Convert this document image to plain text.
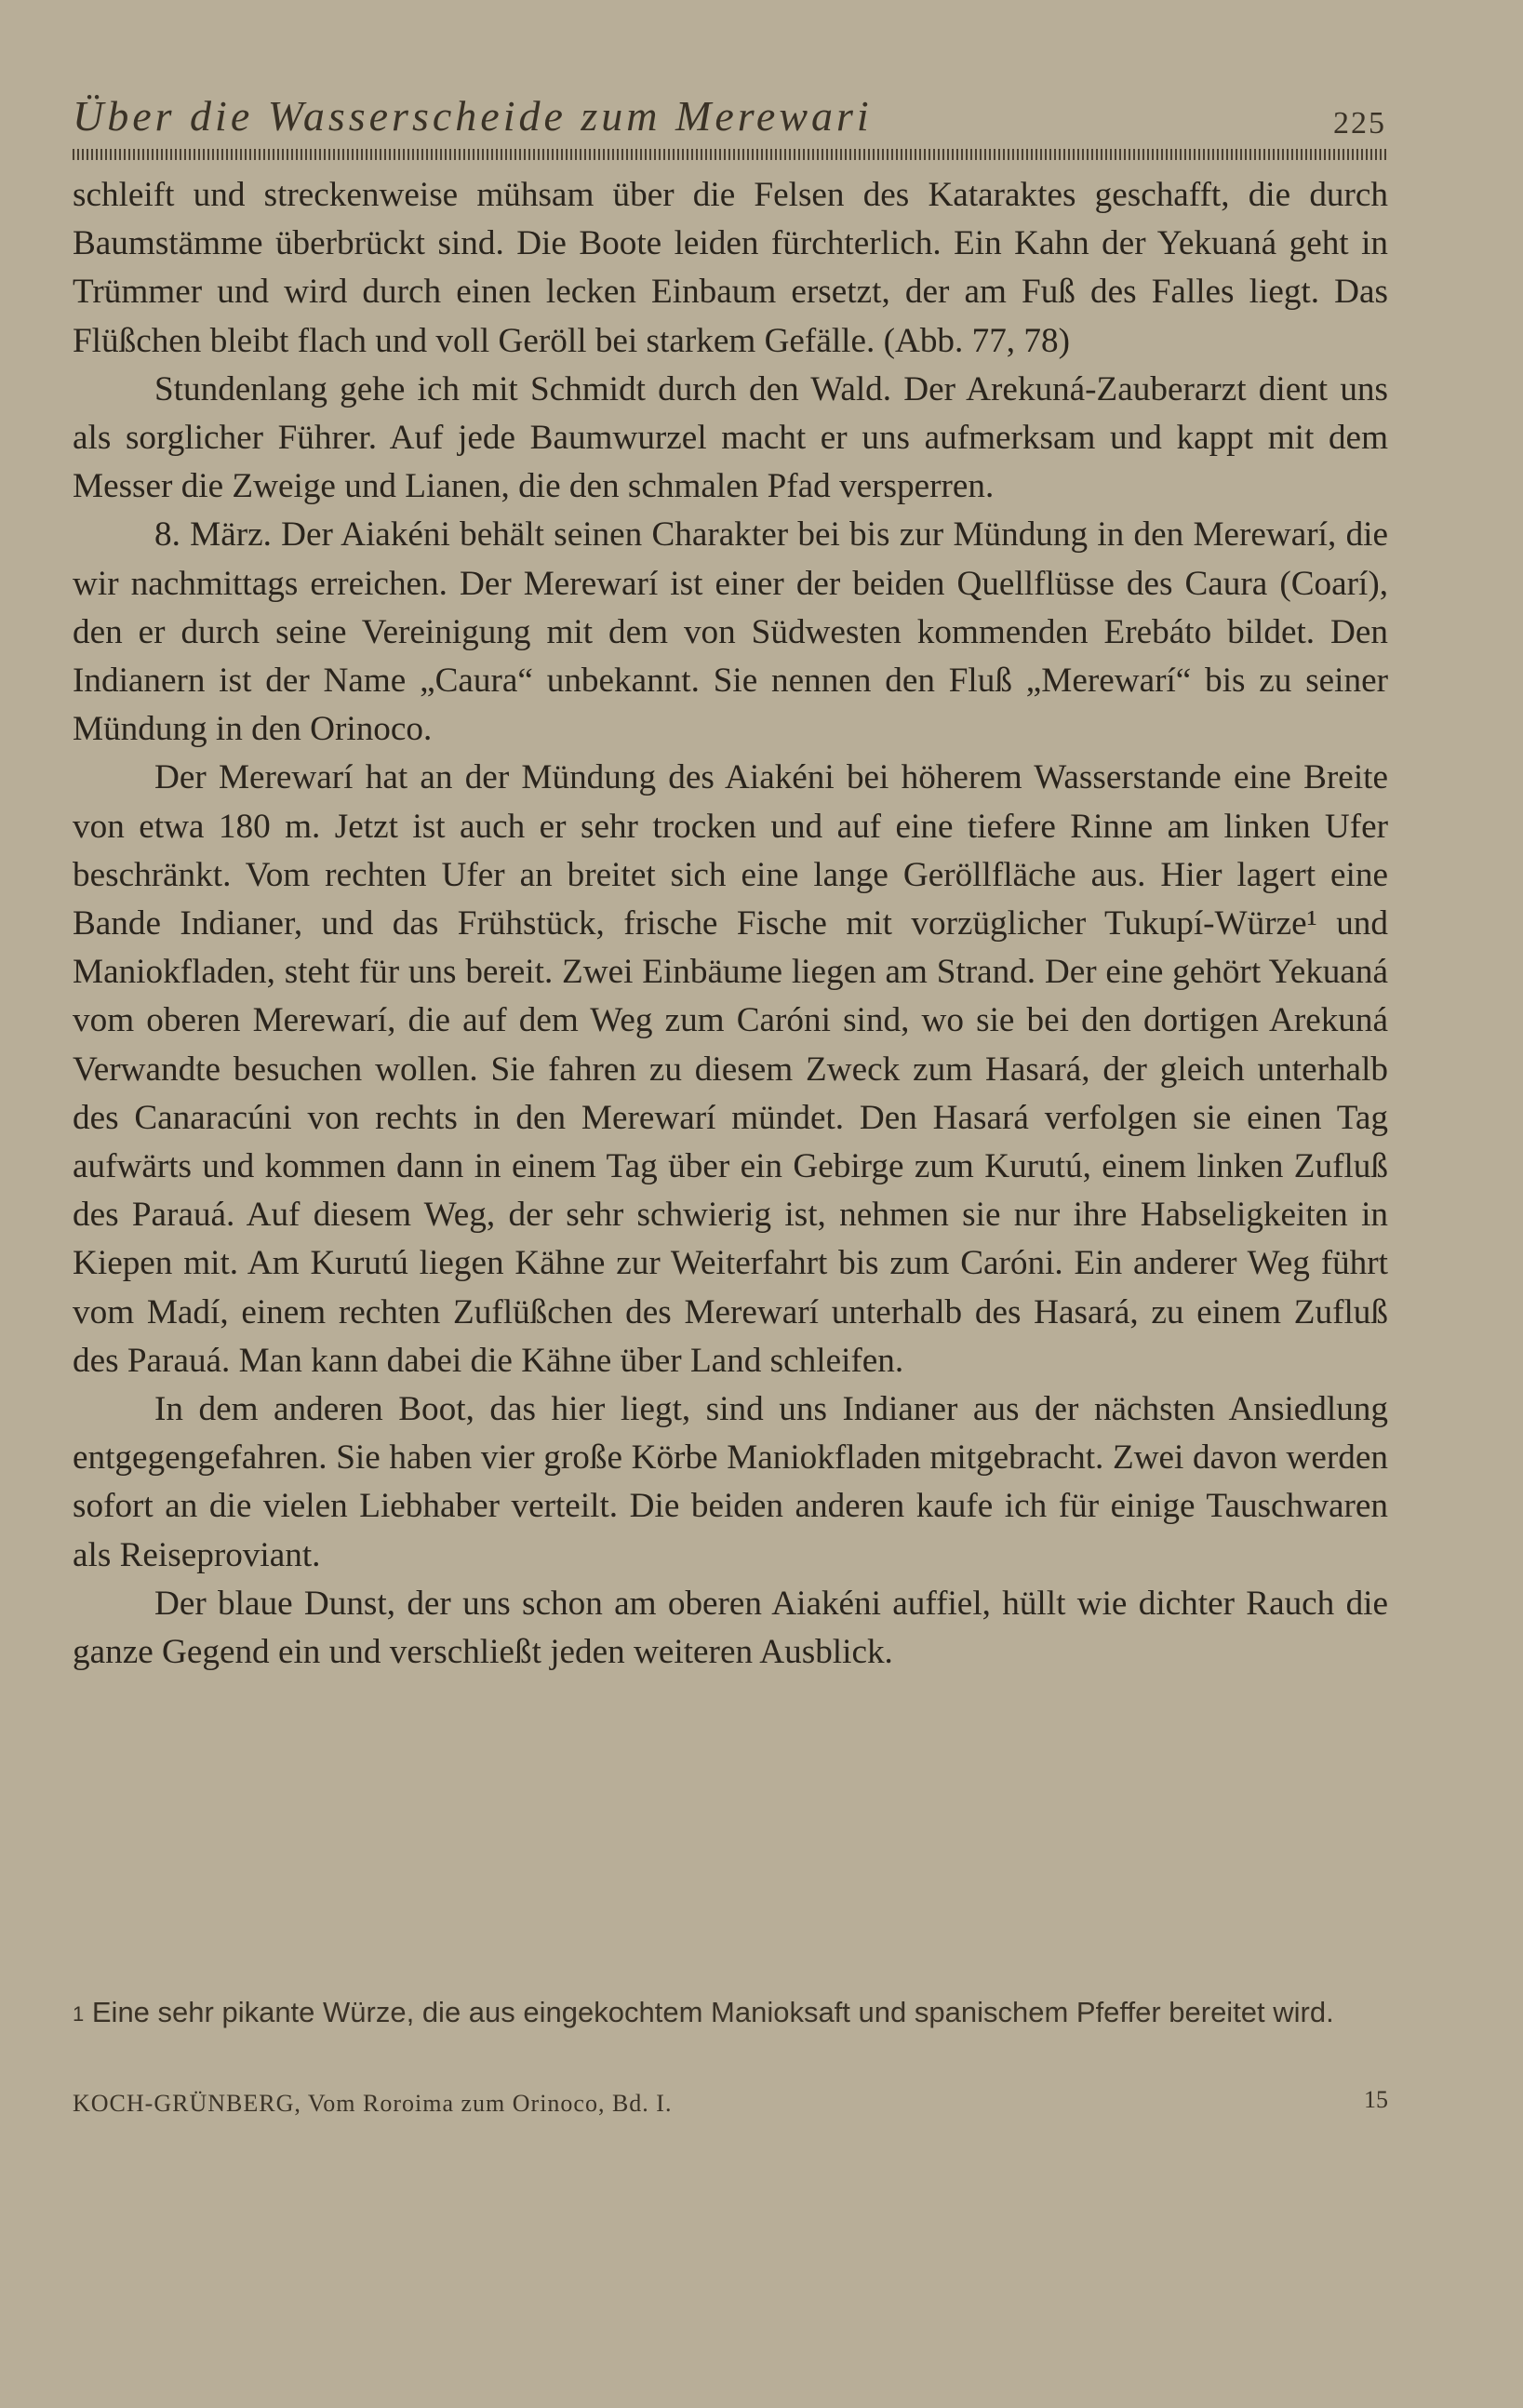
Über die Wasserscheide zum Merewari	225

schleift und streckenweise mühsam über die Felsen des Kataraktes geschafft, die durch Baumstämme überbrückt sind. Die Boote leiden fürchterlich. Ein Kahn der Yekuaná geht in Trümmer und wird durch einen lecken Einbaum ersetzt, der am Fuß des Falles liegt. Das Flüßchen bleibt flach und voll Geröll bei starkem Gefälle. (Abb. 77, 78)

Stundenlang gehe ich mit Schmidt durch den Wald. Der Arekuná-Zauberarzt dient uns als sorglicher Führer. Auf jede Baumwurzel macht er uns aufmerksam und kappt mit dem Messer die Zweige und Lianen, die den schmalen Pfad versperren.

8. März. Der Aiakéni behält seinen Charakter bei bis zur Mündung in den Merewarí, die wir nachmittags erreichen. Der Merewarí ist einer der beiden Quellflüsse des Caura (Coarí), den er durch seine Vereinigung mit dem von Südwesten kommenden Erebáto bildet. Den Indianern ist der Name „Caura“ unbekannt. Sie nennen den Fluß „Merewarí“ bis zu seiner Mündung in den Orinoco.

Der Merewarí hat an der Mündung des Aiakéni bei höherem Wasserstande eine Breite von etwa 180 m. Jetzt ist auch er sehr trocken und auf eine tiefere Rinne am linken Ufer beschränkt. Vom rechten Ufer an breitet sich eine lange Geröllfläche aus. Hier lagert eine Bande Indianer, und das Frühstück, frische Fische mit vorzüglicher Tukupí-Würze¹ und Maniokfladen, steht für uns bereit. Zwei Einbäume liegen am Strand. Der eine gehört Yekuaná vom oberen Merewarí, die auf dem Weg zum Caróni sind, wo sie bei den dortigen Arekuná Verwandte besuchen wollen. Sie fahren zu diesem Zweck zum Hasará, der gleich unterhalb des Canaracúni von rechts in den Merewarí mündet. Den Hasará verfolgen sie einen Tag aufwärts und kommen dann in einem Tag über ein Gebirge zum Kurutú, einem linken Zufluß des Parauá. Auf diesem Weg, der sehr schwierig ist, nehmen sie nur ihre Habseligkeiten in Kiepen mit. Am Kurutú liegen Kähne zur Weiterfahrt bis zum Caróni. Ein anderer Weg führt vom Madí, einem rechten Zuflüßchen des Merewarí unterhalb des Hasará, zu einem Zufluß des Parauá. Man kann dabei die Kähne über Land schleifen.

In dem anderen Boot, das hier liegt, sind uns Indianer aus der nächsten Ansiedlung entgegengefahren. Sie haben vier große Körbe Maniokfladen mitgebracht. Zwei davon werden sofort an die vielen Liebhaber verteilt. Die beiden anderen kaufe ich für einige Tauschwaren als Reiseproviant.

Der blaue Dunst, der uns schon am oberen Aiakéni auffiel, hüllt wie dichter Rauch die ganze Gegend ein und verschließt jeden weiteren Ausblick.

$^1$ Eine sehr pikante Würze, die aus eingekochtem Manioksaft und spanischem Pfeffer bereitet wird.
KOCH-GRÜNBERG, Vom Roroima zum Orinoco, Bd. I.	15
